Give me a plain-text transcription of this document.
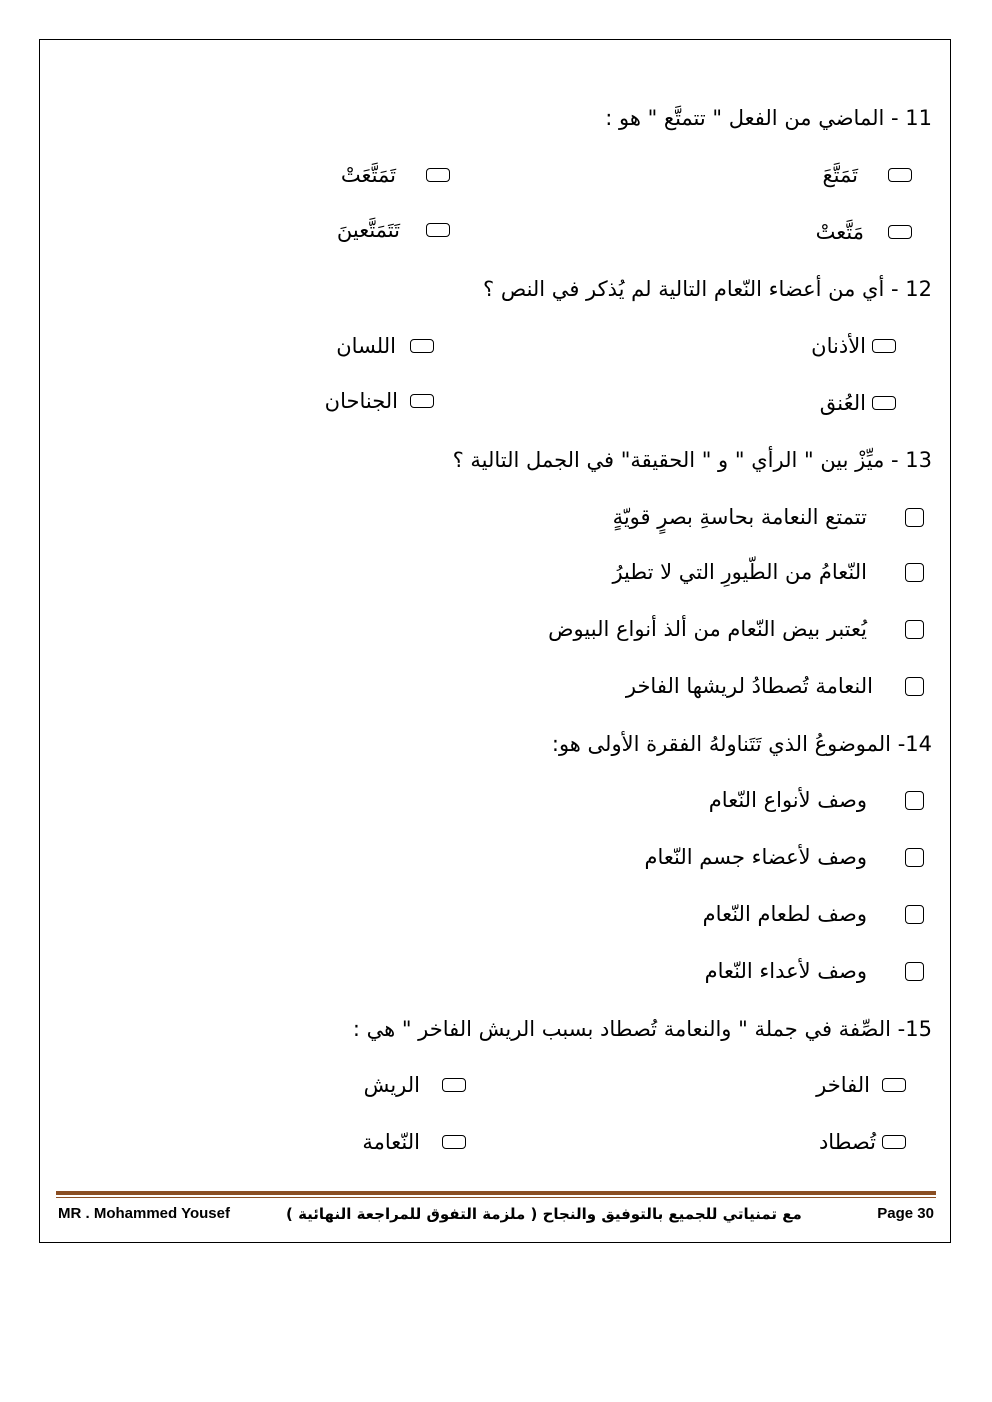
11 - الماضي من الفعل " تتمتَّع " هو :
تَمَتَّعَ
تَمَتَّعَتْ
مَتَّعتْ
تَتَمَتَّعينَ
12 - أي من أعضاء النّعام التالية لم يُذكر في النص ؟
الأذنان
اللسان
العُنق
الجناحان
13 - ميِّزْ بين " الرأي " و " الحقيقة" في الجمل التالية ؟
تتمتع النعامة بحاسةِ بصرٍ قويّةٍ
النّعامُ من الطّيورِ التي لا تطيرُ
يُعتبر بيض النّعام من ألذ أنواع البيوض
النعامة تُصطادُ لريشها الفاخر
14- الموضوعُ الذي تَتَناولهُ الفقرة الأولى هو:
وصف لأنواع النّعام
وصف لأعضاء جسم النّعام
وصف لطعام النّعام
وصف لأعداء النّعام
15- الصِّفة في جملة " والنعامة تُصطاد بسبب الريش الفاخر " هي :
الفاخر
الريش
تُصطاد
النّعامة
MR . Mohammed Yousef	مع تمنياتي للجميع بالتوفيق والنجاح ( ملزمة التفوق للمراجعة النهائية )	Page 30
